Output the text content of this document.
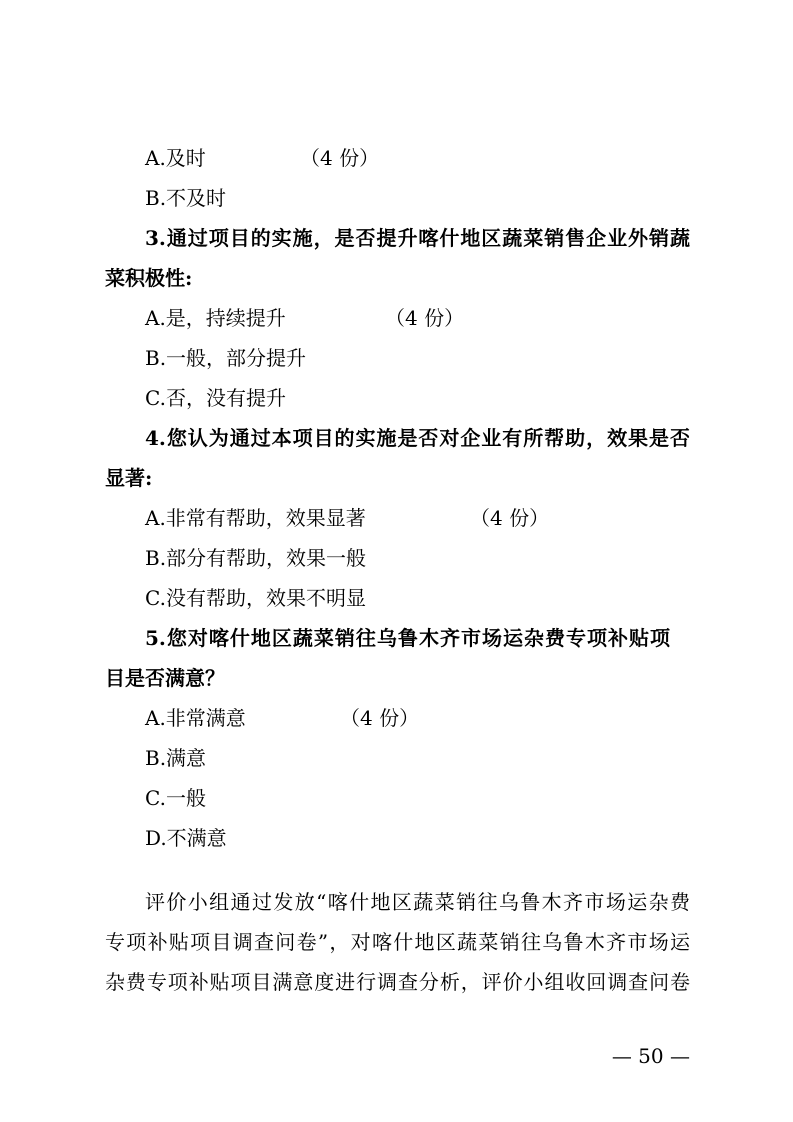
A.及时	（4 份）
B.不及时
3.通过项目的实施，是否提升喀什地区蔬菜销售企业外销蔬
菜积极性:
A.是，持续提升	（4 份）
B.一般，部分提升
C.否，没有提升
4.您认为通过本项目的实施是否对企业有所帮助，效果是否
显著:
A.非常有帮助，效果显著	（4 份）
B.部分有帮助，效果一般
C.没有帮助，效果不明显
5.您对喀什地区蔬菜销往乌鲁木齐市场运杂费专项补贴项
目是否满意？
A.非常满意	（4 份）
B.满意
C.一般
D.不满意
评价小组通过发放“喀什地区蔬菜销往乌鲁木齐市场运杂费
专项补贴项目调查问卷”，对喀什地区蔬菜销往乌鲁木齐市场运
杂费专项补贴项目满意度进行调查分析，评价小组收回调查问卷
— 50 —
